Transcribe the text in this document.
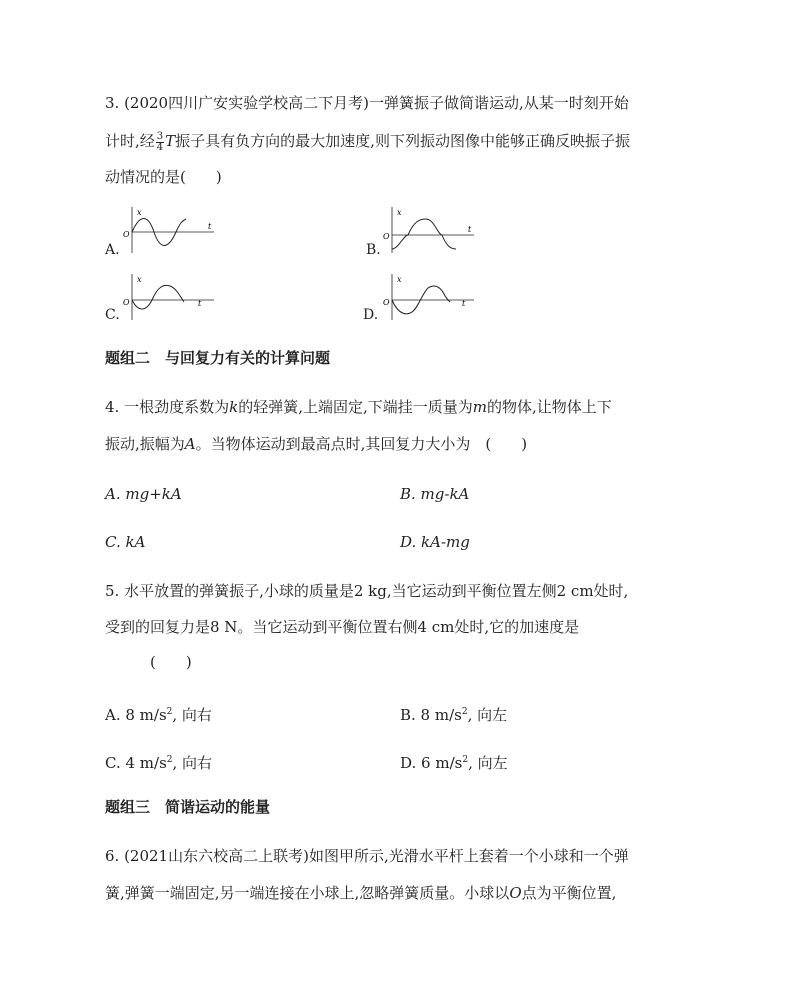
3. (2020四川广安实验学校高二下月考)一弹簧振子做简谐运动,从某一时刻开始
计时,经 $\frac{3}{4}$ T振子具有负方向的最大加速度,则下列振动图像中能够正确反映振子振
动情况的是(　　)
x
t
O
A.
x
t
O
B.
x
t
O
C.
x
t
O
D.
题组二　与回复力有关的计算问题
4. 一根劲度系数为k的轻弹簧,上端固定,下端挂一质量为m的物体,让物体上下
振动,振幅为A。当物体运动到最高点时,其回复力大小为　(　　)
A. mg+kA	B. mg-kA
C. kA	D. kA-mg
5. 水平放置的弹簧振子,小球的质量是2 kg,当它运动到平衡位置左侧2 cm处时,
受到的回复力是8 N。当它运动到平衡位置右侧4 cm处时,它的加速度是
(　　)
A. 8 $m/s^2$, 向右	B. 8 $m/s^2$, 向左
C. 4 $m/s^2$, 向右	D. 6 $m/s^2$, 向左
题组三　简谐运动的能量
6. (2021山东六校高二上联考)如图甲所示,光滑水平杆上套着一个小球和一个弹
簧,弹簧一端固定,另一端连接在小球上,忽略弹簧质量。小球以O点为平衡位置,
